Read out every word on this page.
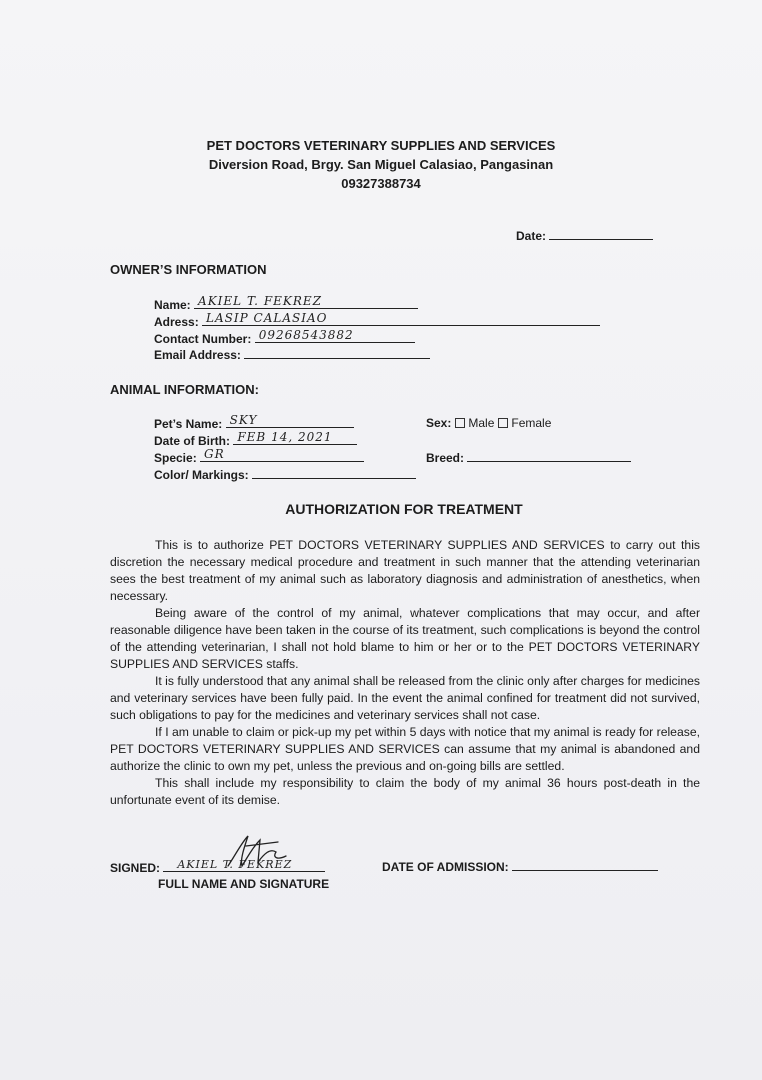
PET DOCTORS VETERINARY SUPPLIES AND SERVICES
Diversion Road, Brgy. San Miguel Calasiao, Pangasinan
09327388734
Date:
OWNER’S INFORMATION
Name: AKIEL T. FEKREZ
Adress: LASIP CALASIAO
Contact Number: 09268543882
Email Address:
ANIMAL INFORMATION:
Pet’s Name: SKY
Date of Birth: FEB 14, 2021
Specie: GR
Color/ Markings:
Sex: Male Female
Breed:
AUTHORIZATION FOR TREATMENT

This is to authorize PET DOCTORS VETERINARY SUPPLIES AND SERVICES to carry out this discretion the necessary medical procedure and treatment in such manner that the attending veterinarian sees the best treatment of my animal such as laboratory diagnosis and administration of anesthetics, when necessary.

Being aware of the control of my animal, whatever complications that may occur, and after reasonable diligence have been taken in the course of its treatment, such complications is beyond the control of the attending veterinarian, I shall not hold blame to him or her or to the PET DOCTORS VETERINARY SUPPLIES AND SERVICES staffs.

It is fully understood that any animal shall be released from the clinic only after charges for medicines and veterinary services have been fully paid. In the event the animal confined for treatment did not survived, such obligations to pay for the medicines and veterinary services shall not case.

If I am unable to claim or pick-up my pet within 5 days with notice that my animal is ready for release, PET DOCTORS VETERINARY SUPPLIES AND SERVICES can assume that my animal is abandoned and authorize the clinic to own my pet, unless the previous and on-going bills are settled.

This shall include my responsibility to claim the body of my animal 36 hours post-death in the unfortunate event of its demise.

SIGNED: AKIEL T. FEKREZ
FULL NAME AND SIGNATURE
DATE OF ADMISSION:
